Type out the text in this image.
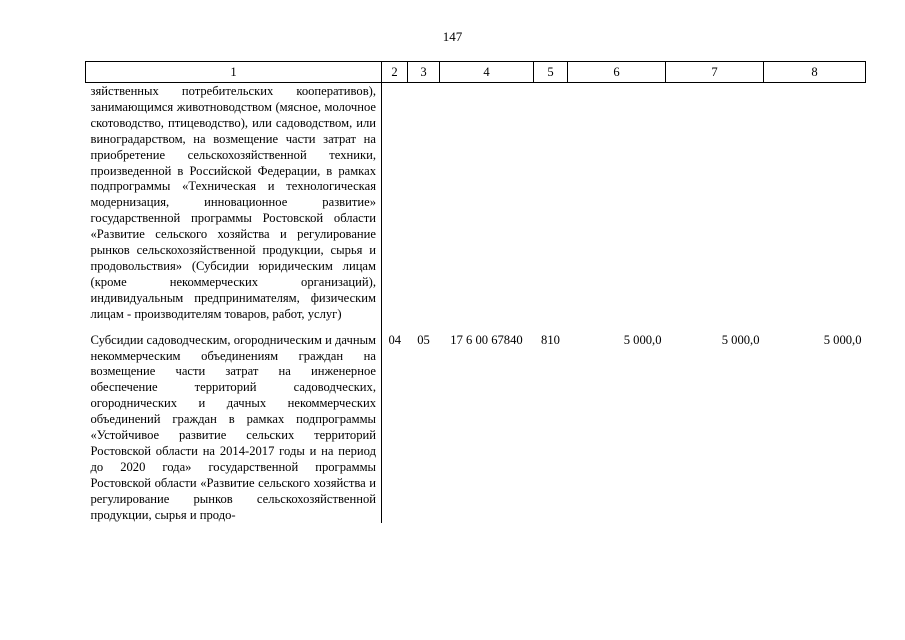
147
1	2	3	4	5	6	7	8
зяйственных потребительских кооперативов), занимающимся животноводством (мясное, молочное скотоводство, птицеводство), или садоводством, или виноградарством, на возмещение части затрат на приобретение сельскохозяйственной техники, произведенной в Российской Федерации, в рамках подпрограммы «Техническая и технологическая модернизация, инновационное развитие» государственной программы Ростовской области «Развитие сельского хозяйства и регулирование рынков сельскохозяйственной продукции, сырья и продовольствия» (Субсидии юридическим лицам (кроме некоммерческих организаций), индивидуальным предпринимателям, физическим лицам - производителям товаров, работ, услуг)							
Субсидии садоводческим, огородническим и дачным некоммерческим объединениям граждан на возмещение части затрат на инженерное обеспечение территорий садоводческих, огороднических и дачных некоммерческих объединений граждан в рамках подпрограммы «Устойчивое развитие сельских территорий Ростовской области на 2014-2017 годы и на период до 2020 года» государственной программы Ростовской области «Развитие сельского хозяйства и регулирование рынков сельскохозяйственной продукции, сырья и продо-	04	05	17 6 00 67840	810	5 000,0	5 000,0	5 000,0
